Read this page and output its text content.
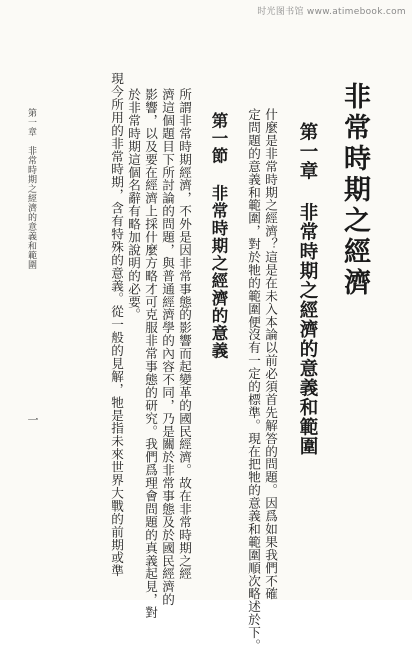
时光图书馆 www.atimebook.com
非常時期之經濟
第一章 非常時期之經濟的意義和範圍
什麼是非常時期之經濟？這是在未入本論以前必須首先解答的問題。因爲如果我們不確
定問題的意義和範圍，對於牠的範圍便沒有一定的標準。現在把牠的意義和範圍順次略述於下。
第一節 非常時期之經濟的意義
所謂非常時期經濟，不外是因非常事態的影響而起變革的國民經濟。故在非常時期之經
濟這個題目下所討論的問題，與普通經濟學的內容不同，乃是關於非常事態及於國民經濟的
影響，以及要在經濟上採什麼方略才可克服非常事態的研究。我們爲理會問題的真義起見，對
於非常時期這個名辭有略加說明的必要。
現今所用的非常時期，含有特殊的意義。從一般的見解，牠是指未來世界大戰的前期或準
第一章　非常時期之經濟的意義和範圍
一
